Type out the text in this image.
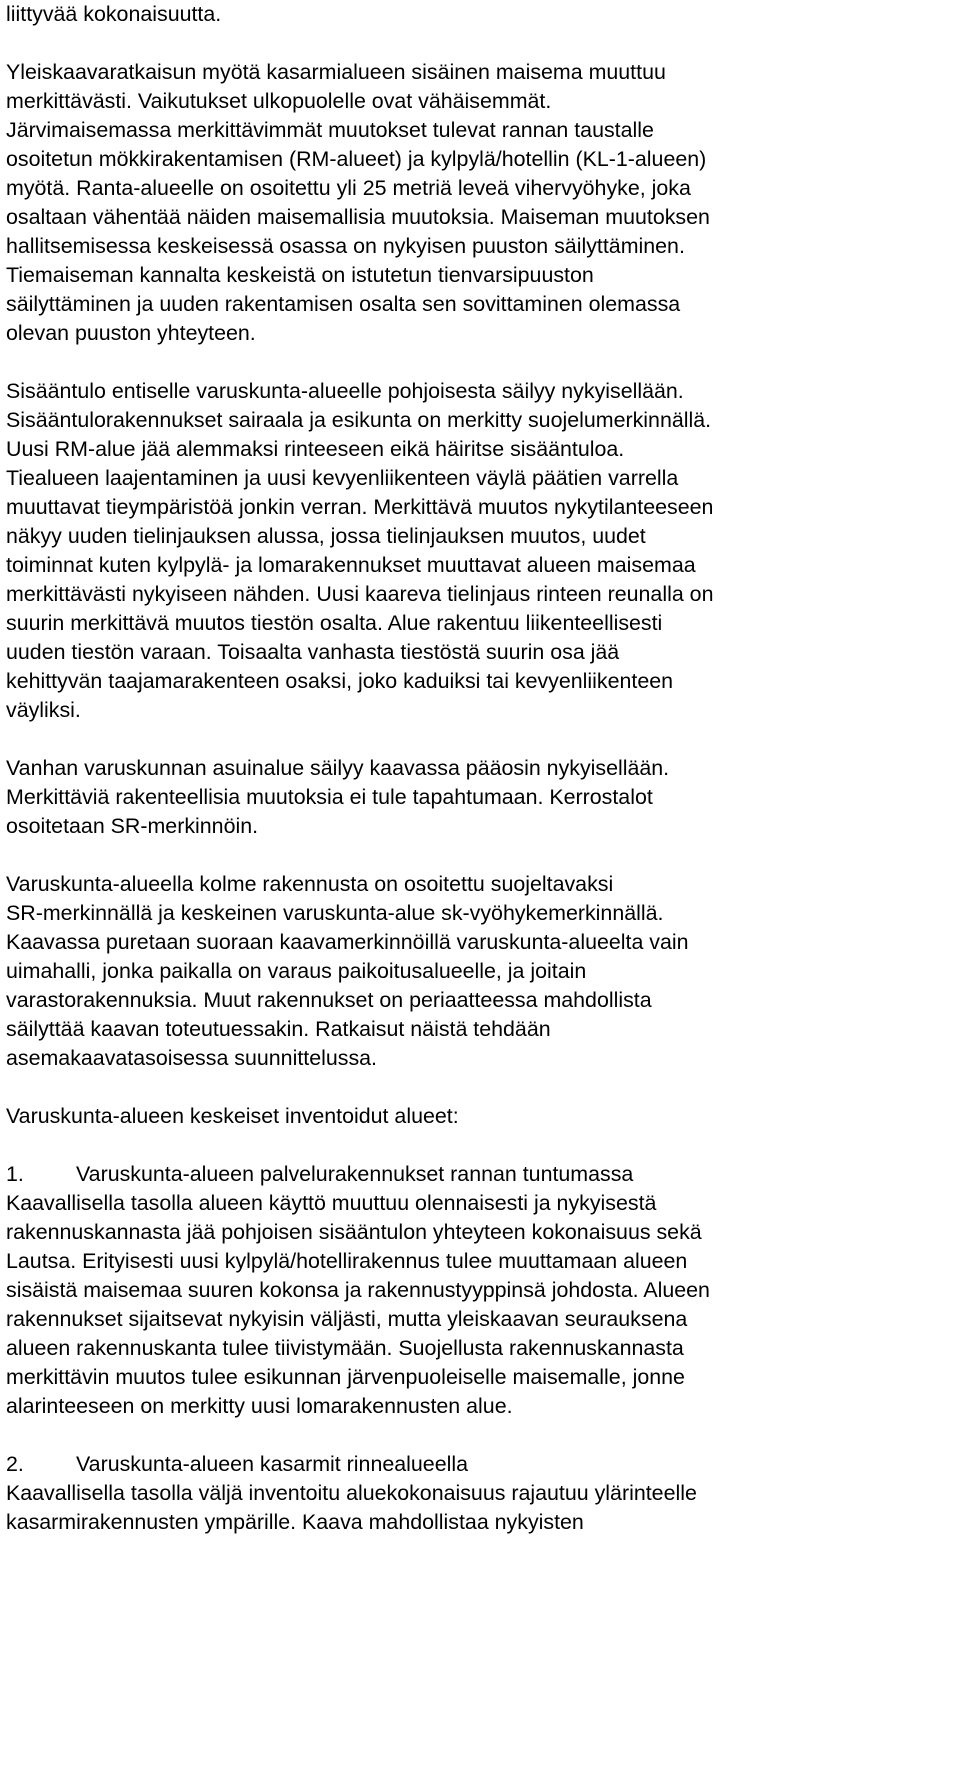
liittyvää kokonaisuutta.
Yleiskaavaratkaisun myötä kasarmialueen sisäinen maisema muuttuu
merkittävästi. Vaikutukset ulkopuolelle ovat vähäisemmät.
Järvimaisemassa merkittävimmät muutokset tulevat rannan taustalle
osoitetun mökkirakentamisen (RM-alueet) ja kylpylä/hotellin (KL-1-alueen)
myötä. Ranta-alueelle on osoitettu yli 25 metriä leveä vihervyöhyke, joka
osaltaan vähentää näiden maisemallisia muutoksia. Maiseman muutoksen
hallitsemisessa keskeisessä osassa on nykyisen puuston säilyttäminen.
Tiemaiseman kannalta keskeistä on istutetun tienvarsipuuston
säilyttäminen ja uuden rakentamisen osalta sen sovittaminen olemassa
olevan puuston yhteyteen.
Sisääntulo entiselle varuskunta-alueelle pohjoisesta säilyy nykyisellään.
Sisääntulorakennukset sairaala ja esikunta on merkitty suojelumerkinnällä.
Uusi RM-alue jää alemmaksi rinteeseen eikä häiritse sisääntuloa.
Tiealueen laajentaminen ja uusi kevyenliikenteen väylä päätien varrella
muuttavat tieympäristöä jonkin verran. Merkittävä muutos nykytilanteeseen
näkyy uuden tielinjauksen alussa, jossa tielinjauksen muutos, uudet
toiminnat kuten kylpylä- ja lomarakennukset muuttavat alueen maisemaa
merkittävästi nykyiseen nähden. Uusi kaareva tielinjaus rinteen reunalla on
suurin merkittävä muutos tiestön osalta. Alue rakentuu liikenteellisesti
uuden tiestön varaan. Toisaalta vanhasta tiestöstä suurin osa jää
kehittyvän taajamarakenteen osaksi, joko kaduiksi tai kevyenliikenteen
väyliksi.
Vanhan varuskunnan asuinalue säilyy kaavassa pääosin nykyisellään.
Merkittäviä rakenteellisia muutoksia ei tule tapahtumaan. Kerrostalot
osoitetaan SR-merkinnöin.
Varuskunta-alueella kolme rakennusta on osoitettu suojeltavaksi
SR-merkinnällä ja keskeinen varuskunta-alue sk-vyöhykemerkinnällä.
Kaavassa puretaan suoraan kaavamerkinnöillä varuskunta-alueelta vain
uimahalli, jonka paikalla on varaus paikoitusalueelle, ja joitain
varastorakennuksia. Muut rakennukset on periaatteessa mahdollista
säilyttää kaavan toteutuessakin. Ratkaisut näistä tehdään
asemakaavatasoisessa suunnittelussa.
Varuskunta-alueen keskeiset inventoidut alueet:
1. Varuskunta-alueen palvelurakennukset rannan tuntumassa
Kaavallisella tasolla alueen käyttö muuttuu olennaisesti ja nykyisestä
rakennuskannasta jää pohjoisen sisääntulon yhteyteen kokonaisuus sekä
Lautsa. Erityisesti uusi kylpylä/hotellirakennus tulee muuttamaan alueen
sisäistä maisemaa suuren kokonsa ja rakennustyyppinsä johdosta. Alueen
rakennukset sijaitsevat nykyisin väljästi, mutta yleiskaavan seurauksena
alueen rakennuskanta tulee tiivistymään. Suojellusta rakennuskannasta
merkittävin muutos tulee esikunnan järvenpuoleiselle maisemalle, jonne
alarinteeseen on merkitty uusi lomarakennusten alue.
2. Varuskunta-alueen kasarmit rinnealueella
Kaavallisella tasolla väljä inventoitu aluekokonaisuus rajautuu ylärinteelle
kasarmirakennusten ympärille. Kaava mahdollistaa nykyisten
